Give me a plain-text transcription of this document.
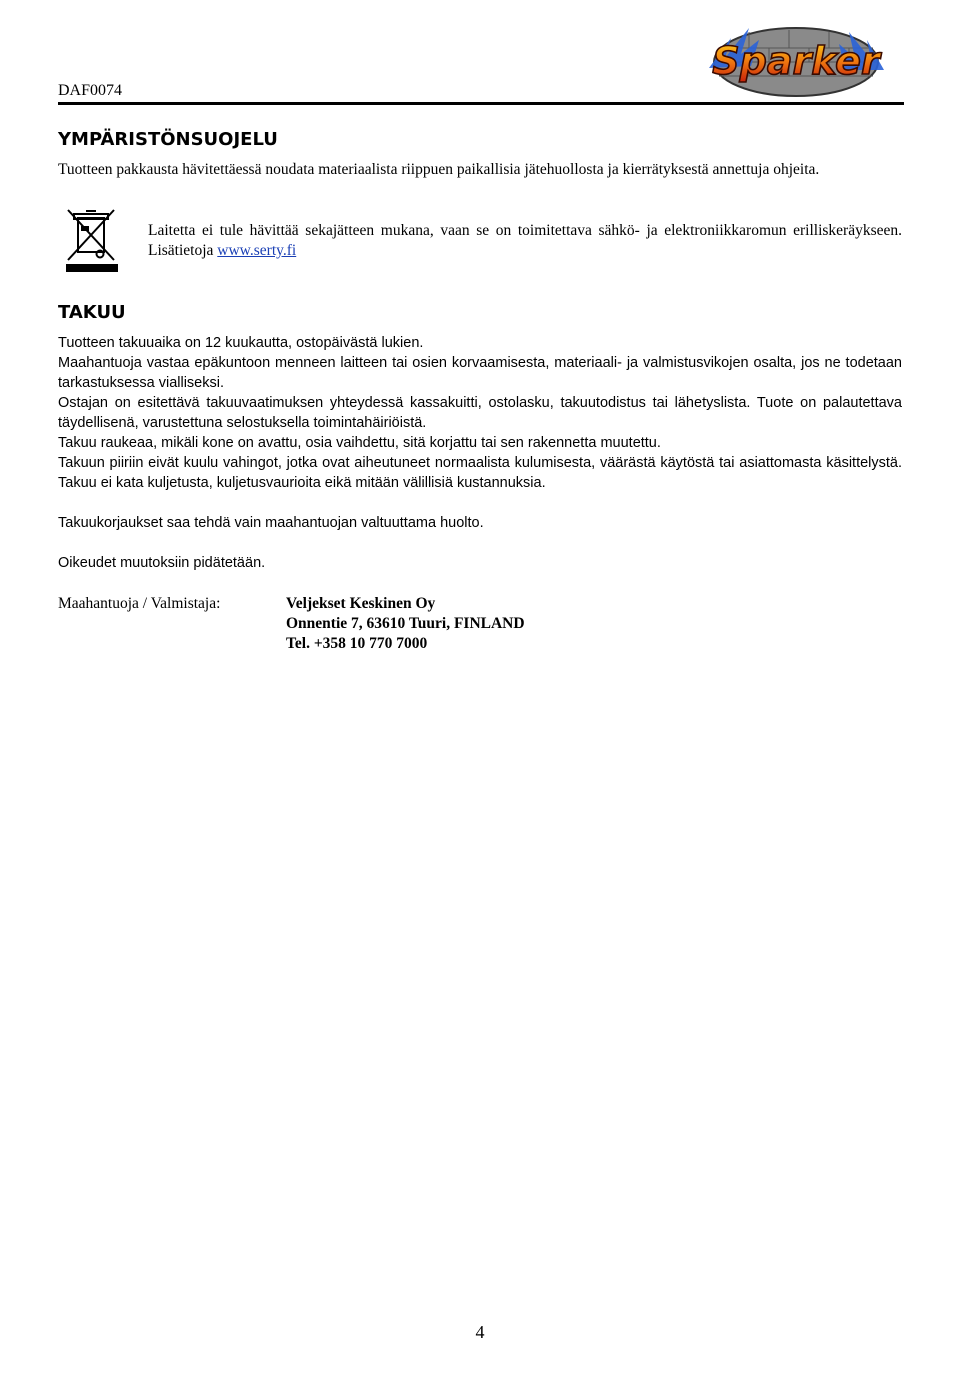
DAF0074
Sparker
YMPÄRISTÖNSUOJELU

Tuotteen pakkausta hävitettäessä noudata materiaalista riippuen paikallisia jätehuollosta ja kierrätyksestä annettuja ohjeita.

Laitetta ei tule hävittää sekajätteen mukana, vaan se on toimitettava sähkö- ja elektroniikkaromun erilliskeräykseen. Lisätietoja www.serty.fi

TAKUU

Tuotteen takuuaika on 12 kuukautta, ostopäivästä lukien.

Maahantuoja vastaa epäkuntoon menneen laitteen tai osien korvaamisesta, materiaali- ja valmistusvikojen osalta, jos ne todetaan tarkastuksessa vialliseksi.

Ostajan on esitettävä takuuvaatimuksen yhteydessä kassakuitti, ostolasku, takuutodistus tai lähetyslista. Tuote on palautettava täydellisenä, varustettuna selostuksella toimintahäiriöistä.

Takuu raukeaa, mikäli kone on avattu, osia vaihdettu, sitä korjattu tai sen rakennetta muutettu.

Takuun piiriin eivät kuulu vahingot, jotka ovat aiheutuneet normaalista kulumisesta, väärästä käytöstä tai asiattomasta käsittelystä. Takuu ei kata kuljetusta, kuljetusvaurioita eikä mitään välillisiä kustannuksia.

Takuukorjaukset saa tehdä vain maahantuojan valtuuttama huolto.

Oikeudet muutoksiin pidätetään.

Maahantuoja / Valmistaja:	Veljekset Keskinen Oy
Onnentie 7, 63610 Tuuri, FINLAND
Tel. +358 10 770 7000
4
